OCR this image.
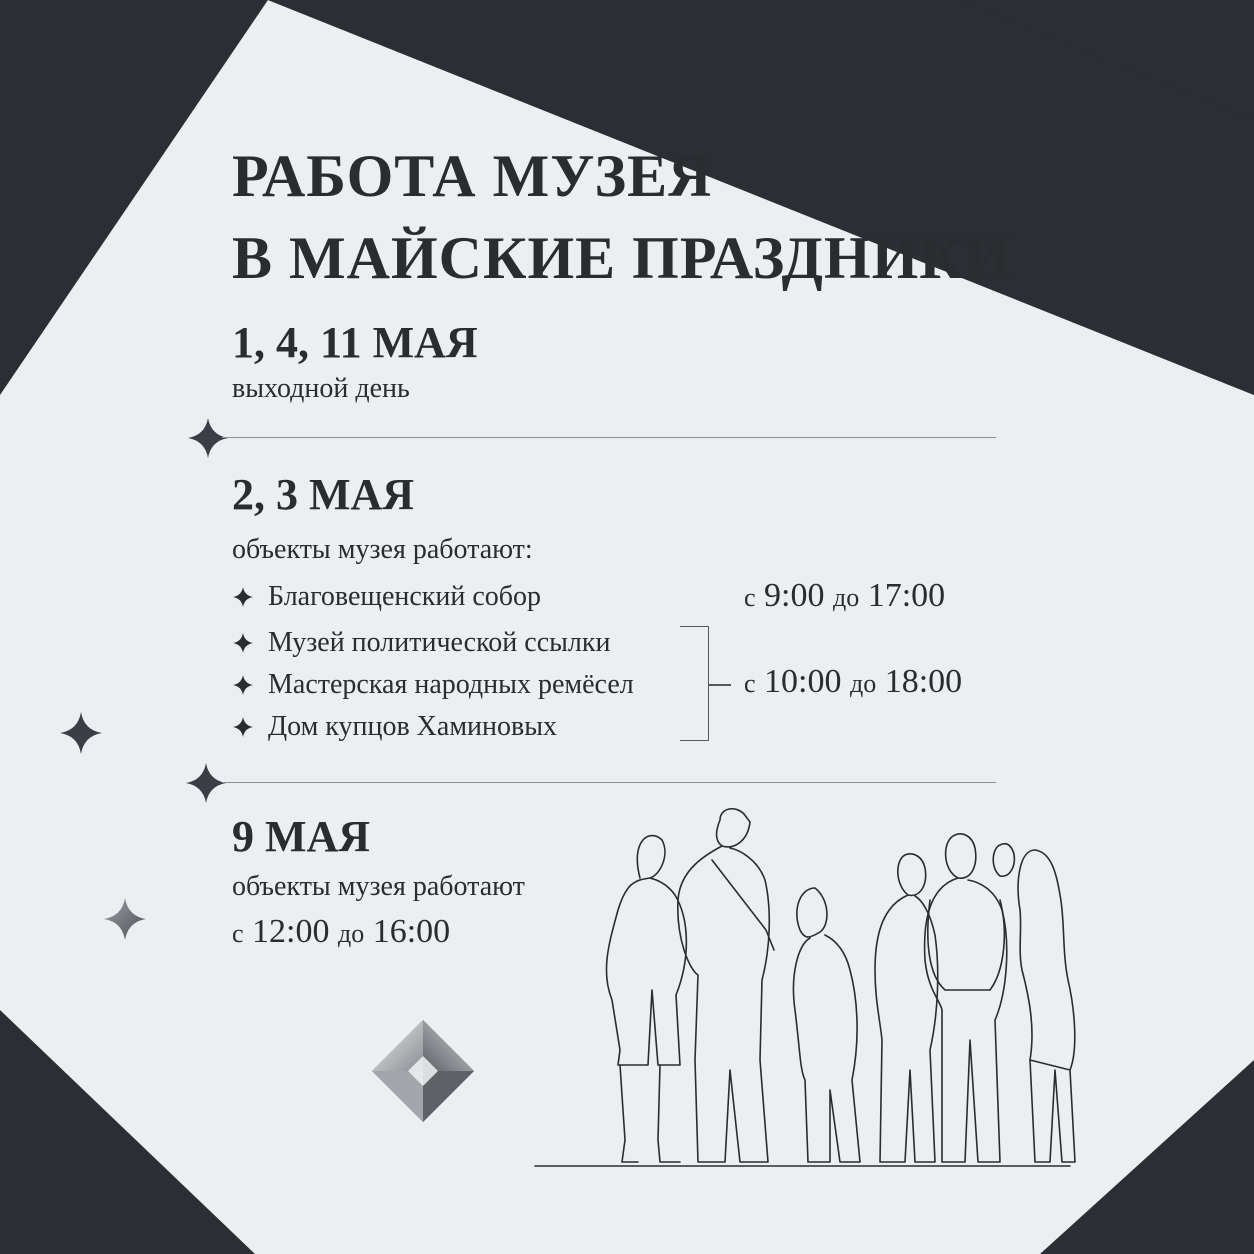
РАБОТА МУЗЕЯ
В МАЙСКИЕ ПРАЗДНИКИ
1, 4, 11 МАЯ
выходной день
2, 3 МАЯ
объекты музея работают:
Благовещенский собор
Музей политической ссылки
Мастерская народных ремёсел
Дом купцов Хаминовых
с 9:00 до 17:00
с 10:00 до 18:00
9 МАЯ
объекты музея работают
с 12:00 до 16:00
